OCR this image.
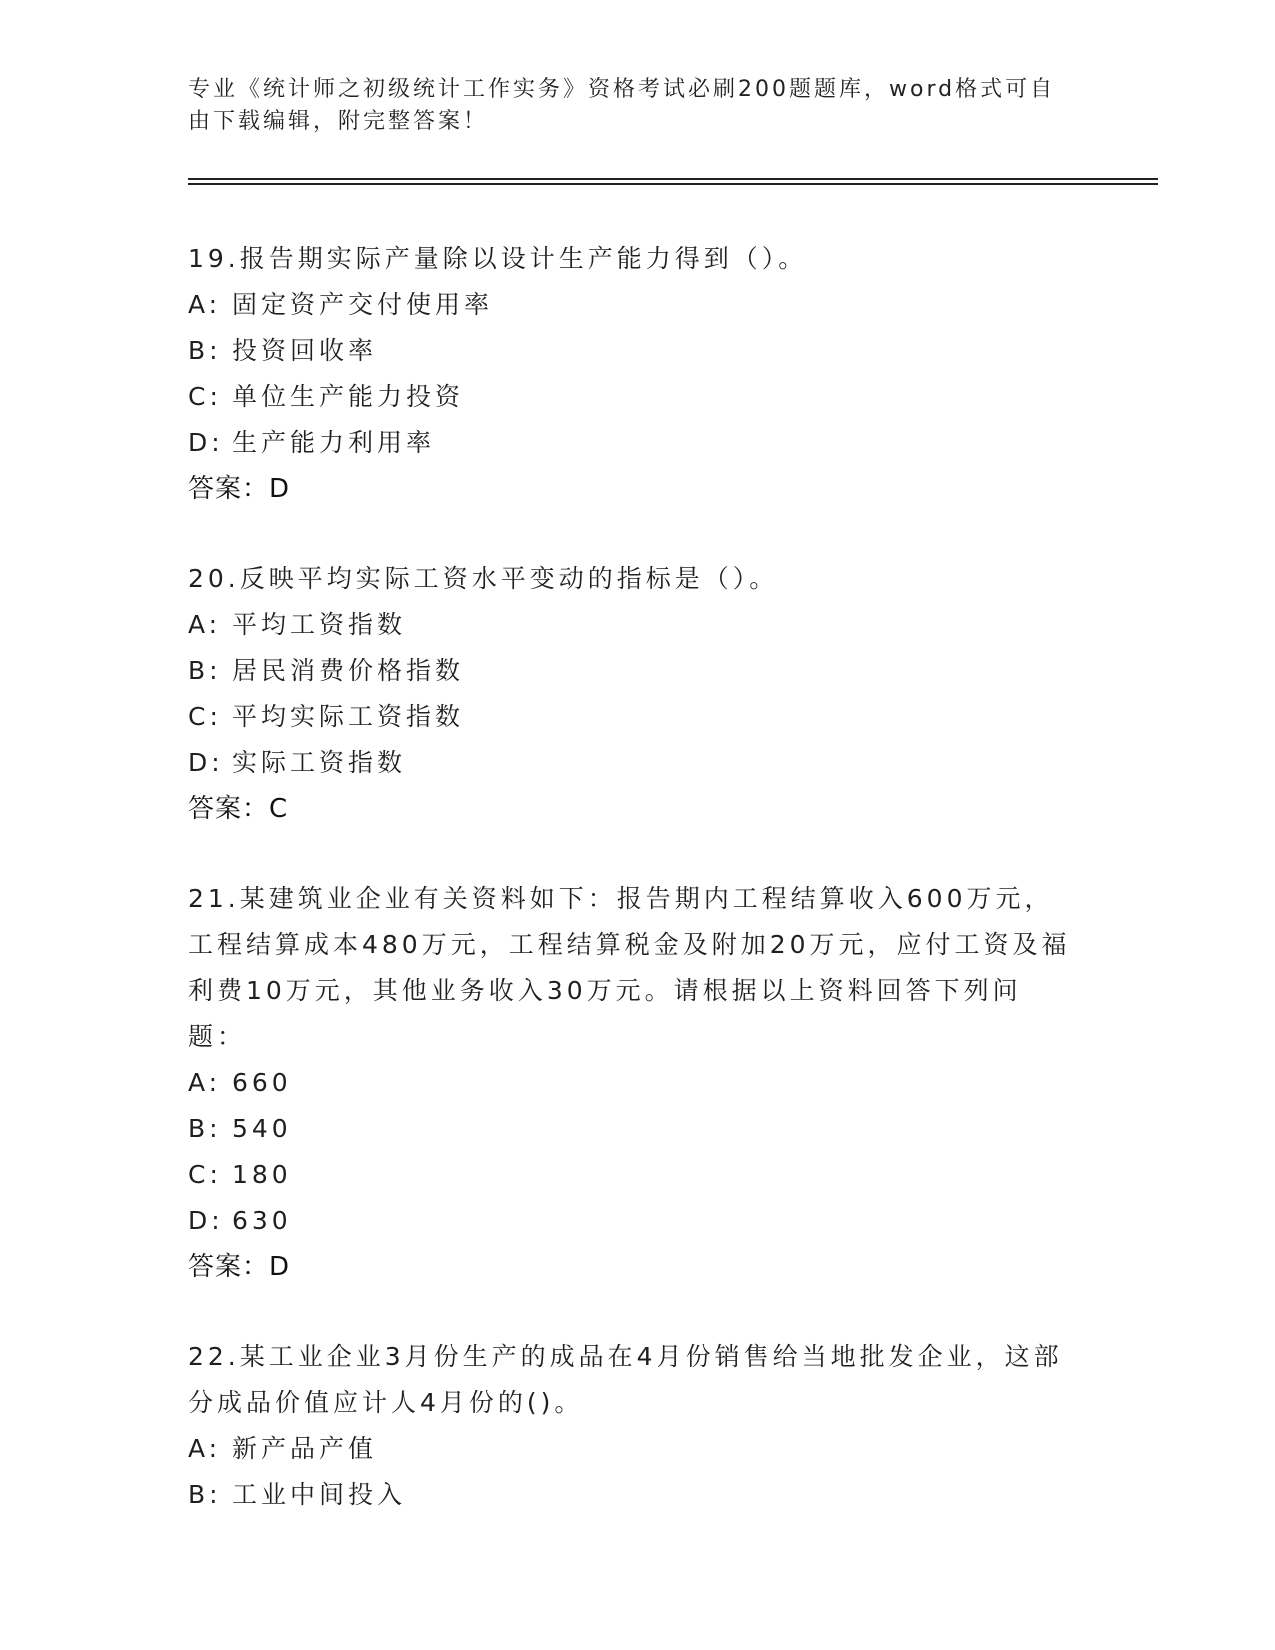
专业《统计师之初级统计工作实务》资格考试必刷200题题库，word格式可自由下载编辑，附完整答案！

19.报告期实际产量除以设计生产能力得到（）。

A: 固定资产交付使用率
B: 投资回收率
C: 单位生产能力投资
D: 生产能力利用率
答案：D

20.反映平均实际工资水平变动的指标是（）。

A: 平均工资指数
B: 居民消费价格指数
C: 平均实际工资指数
D: 实际工资指数
答案：C

21.某建筑业企业有关资料如下：报告期内工程结算收入600万元，工程结算成本480万元，工程结算税金及附加20万元，应付工资及福利费10万元，其他业务收入30万元。请根据以上资料回答下列问题：

A: 660
B: 540
C: 180
D: 630
答案：D

22.某工业企业3月份生产的成品在4月份销售给当地批发企业，这部分成品价值应计人4月份的()。

A: 新产品产值
B: 工业中间投入
